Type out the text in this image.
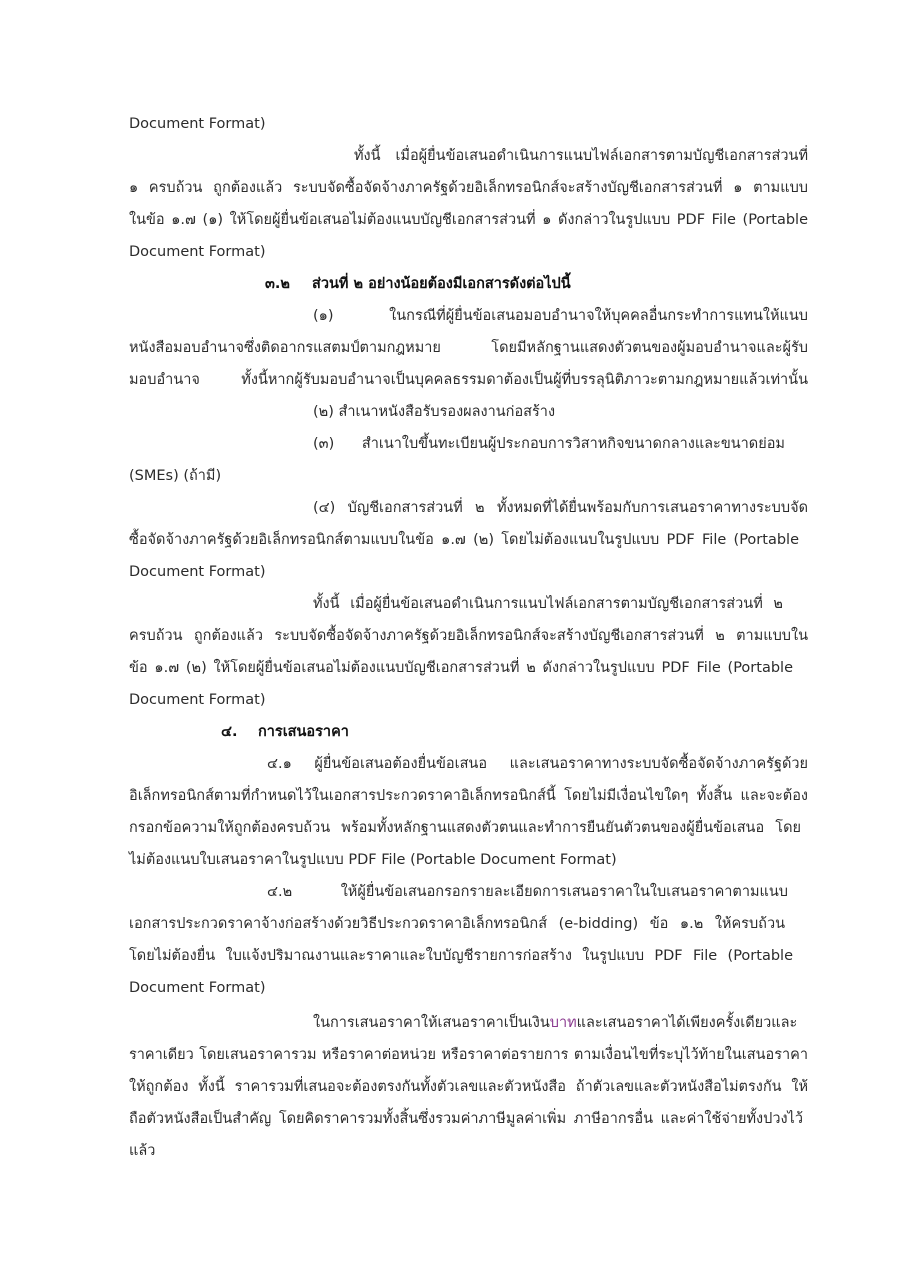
Document Format)
ทั้งนี้ เมื่อผู้ยื่นข้อเสนอดำเนินการแนบไฟล์เอกสารตามบัญชีเอกสารส่วนที่
๑ ครบถ้วน ถูกต้องแล้ว ระบบจัดซื้อจัดจ้างภาครัฐด้วยอิเล็กทรอนิกส์จะสร้างบัญชีเอกสารส่วนที่ ๑ ตามแบบ
ในข้อ ๑.๗ (๑) ให้โดยผู้ยื่นข้อเสนอไม่ต้องแนบบัญชีเอกสารส่วนที่ ๑ ดังกล่าวในรูปแบบ PDF File (Portable
Document Format)
๓.๒ ส่วนที่ ๒ อย่างน้อยต้องมีเอกสารดังต่อไปนี้
(๑) ในกรณีที่ผู้ยื่นข้อเสนอมอบอำนาจให้บุคคลอื่นกระทำการแทนให้แนบ
หนังสือมอบอำนาจซึ่งติดอากรแสตมป์ตามกฎหมาย โดยมีหลักฐานแสดงตัวตนของผู้มอบอำนาจและผู้รับ
มอบอำนาจ ทั้งนี้หากผู้รับมอบอำนาจเป็นบุคคลธรรมดาต้องเป็นผู้ที่บรรลุนิติภาวะตามกฎหมายแล้วเท่านั้น
(๒) สำเนาหนังสือรับรองผลงานก่อสร้าง
(๓) สำเนาใบขึ้นทะเบียนผู้ประกอบการวิสาหกิจขนาดกลางและขนาดย่อม
(SMEs) (ถ้ามี)
(๔) บัญชีเอกสารส่วนที่ ๒ ทั้งหมดที่ได้ยื่นพร้อมกับการเสนอราคาทางระบบจัด
ซื้อจัดจ้างภาครัฐด้วยอิเล็กทรอนิกส์ตามแบบในข้อ ๑.๗ (๒) โดยไม่ต้องแนบในรูปแบบ PDF File (Portable
Document Format)
ทั้งนี้ เมื่อผู้ยื่นข้อเสนอดำเนินการแนบไฟล์เอกสารตามบัญชีเอกสารส่วนที่ ๒
ครบถ้วน ถูกต้องแล้ว ระบบจัดซื้อจัดจ้างภาครัฐด้วยอิเล็กทรอนิกส์จะสร้างบัญชีเอกสารส่วนที่ ๒ ตามแบบใน
ข้อ ๑.๗ (๒) ให้โดยผู้ยื่นข้อเสนอไม่ต้องแนบบัญชีเอกสารส่วนที่ ๒ ดังกล่าวในรูปแบบ PDF File (Portable
Document Format)
๔. การเสนอราคา
๔.๑ ผู้ยื่นข้อเสนอต้องยื่นข้อเสนอ และเสนอราคาทางระบบจัดซื้อจัดจ้างภาครัฐด้วย
อิเล็กทรอนิกส์ตามที่กำหนดไว้ในเอกสารประกวดราคาอิเล็กทรอนิกส์นี้ โดยไม่มีเงื่อนไขใดๆ ทั้งสิ้น และจะต้อง
กรอกข้อความให้ถูกต้องครบถ้วน พร้อมทั้งหลักฐานแสดงตัวตนและทำการยืนยันตัวตนของผู้ยื่นข้อเสนอ โดย
ไม่ต้องแนบใบเสนอราคาในรูปแบบ PDF File (Portable Document Format)
๔.๒ ให้ผู้ยื่นข้อเสนอกรอกรายละเอียดการเสนอราคาในใบเสนอราคาตามแนบ
เอกสารประกวดราคาจ้างก่อสร้างด้วยวิธีประกวดราคาอิเล็กทรอนิกส์ (e-bidding) ข้อ ๑.๒ ให้ครบถ้วน
โดยไม่ต้องยื่น ใบแจ้งปริมาณงานและราคาและใบบัญชีรายการก่อสร้าง ในรูปแบบ PDF File (Portable
Document Format)
ในการเสนอราคาให้เสนอราคาเป็นเงินบาทและเสนอราคาได้เพียงครั้งเดียวและ
ราคาเดียว โดยเสนอราคารวม หรือราคาต่อหน่วย หรือราคาต่อรายการ ตามเงื่อนไขที่ระบุไว้ท้ายในเสนอราคา
ให้ถูกต้อง ทั้งนี้ ราคารวมที่เสนอจะต้องตรงกันทั้งตัวเลขและตัวหนังสือ ถ้าตัวเลขและตัวหนังสือไม่ตรงกัน ให้
ถือตัวหนังสือเป็นสำคัญ โดยคิดราคารวมทั้งสิ้นซึ่งรวมค่าภาษีมูลค่าเพิ่ม ภาษีอากรอื่น และค่าใช้จ่ายทั้งปวงไว้
แล้ว
